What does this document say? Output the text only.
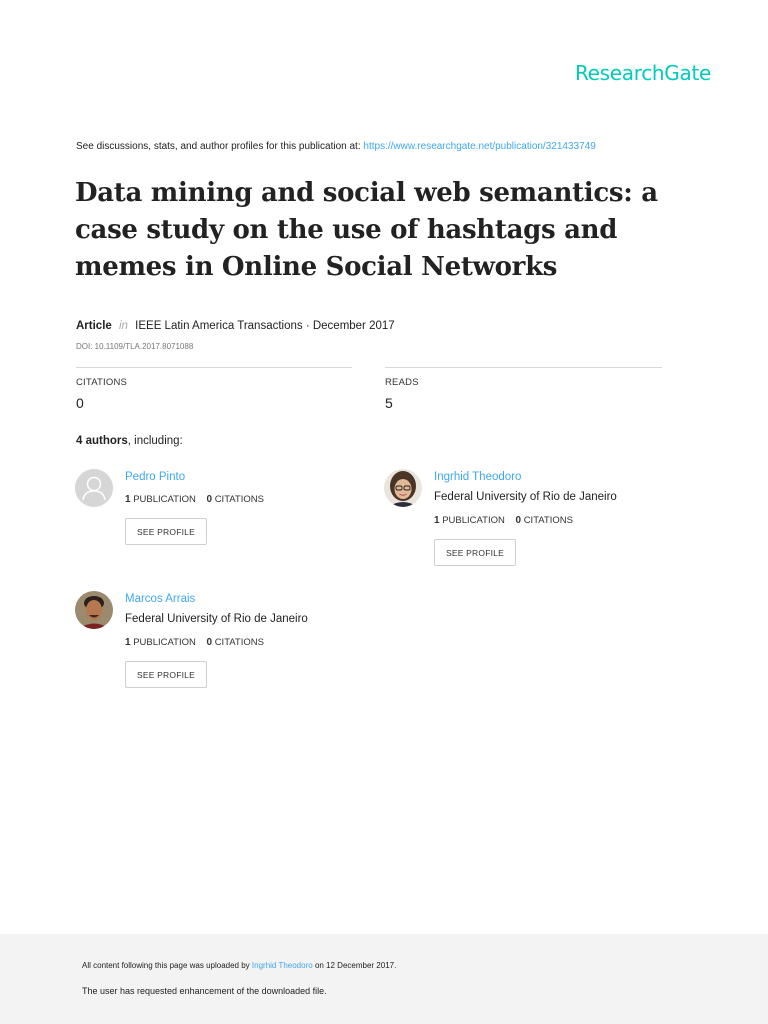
ResearchGate
See discussions, stats, and author profiles for this publication at: https://www.researchgate.net/publication/321433749
Data mining and social web semantics: a case study on the use of hashtags and memes in Online Social Networks
Article in IEEE Latin America Transactions · December 2017
DOI: 10.1109/TLA.2017.8071088
CITATIONS
0
READS
5
4 authors, including:
Pedro Pinto
1 PUBLICATION 0 CITATIONS
SEE PROFILE
Ingrhid Theodoro
Federal University of Rio de Janeiro
1 PUBLICATION 0 CITATIONS
SEE PROFILE
Marcos Arrais
Federal University of Rio de Janeiro
1 PUBLICATION 0 CITATIONS
SEE PROFILE
All content following this page was uploaded by Ingrhid Theodoro on 12 December 2017.
The user has requested enhancement of the downloaded file.
